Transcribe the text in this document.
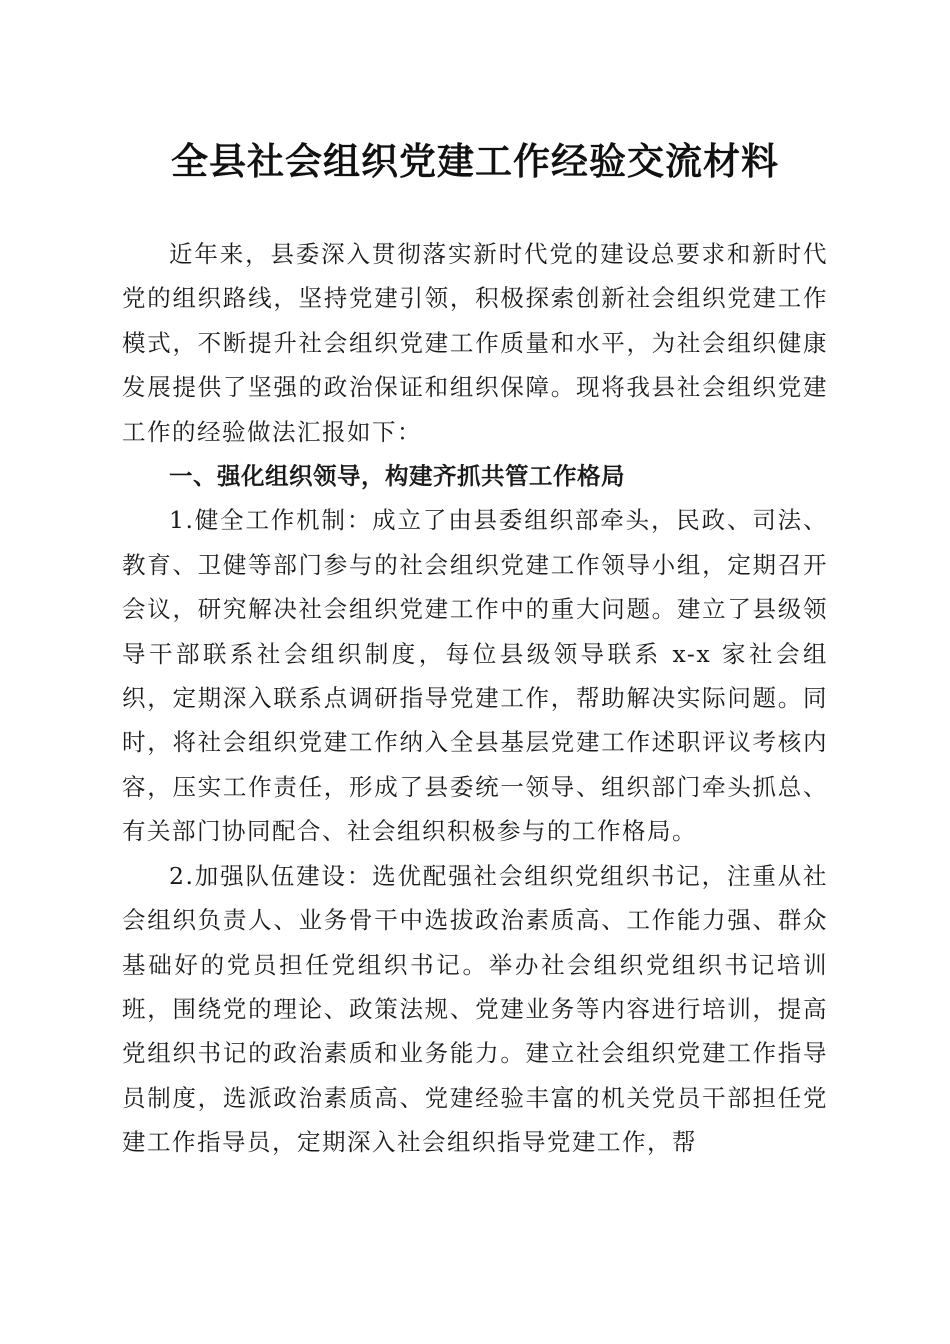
全县社会组织党建工作经验交流材料

近年来，县委深入贯彻落实新时代党的建设总要求和新时代党的组织路线，坚持党建引领，积极探索创新社会组织党建工作模式，不断提升社会组织党建工作质量和水平，为社会组织健康发展提供了坚强的政治保证和组织保障。现将我县社会组织党建工作的经验做法汇报如下：

一、强化组织领导，构建齐抓共管工作格局

1.健全工作机制：成立了由县委组织部牵头，民政、司法、教育、卫健等部门参与的社会组织党建工作领导小组，定期召开会议，研究解决社会组织党建工作中的重大问题。建立了县级领导干部联系社会组织制度，每位县级领导联系 x-x 家社会组织，定期深入联系点调研指导党建工作，帮助解决实际问题。同时，将社会组织党建工作纳入全县基层党建工作述职评议考核内容，压实工作责任，形成了县委统一领导、组织部门牵头抓总、有关部门协同配合、社会组织积极参与的工作格局。

2.加强队伍建设：选优配强社会组织党组织书记，注重从社会组织负责人、业务骨干中选拔政治素质高、工作能力强、群众基础好的党员担任党组织书记。举办社会组织党组织书记培训班，围绕党的理论、政策法规、党建业务等内容进行培训，提高党组织书记的政治素质和业务能力。建立社会组织党建工作指导员制度，选派政治素质高、党建经验丰富的机关党员干部担任党建工作指导员，定期深入社会组织指导党建工作，帮
